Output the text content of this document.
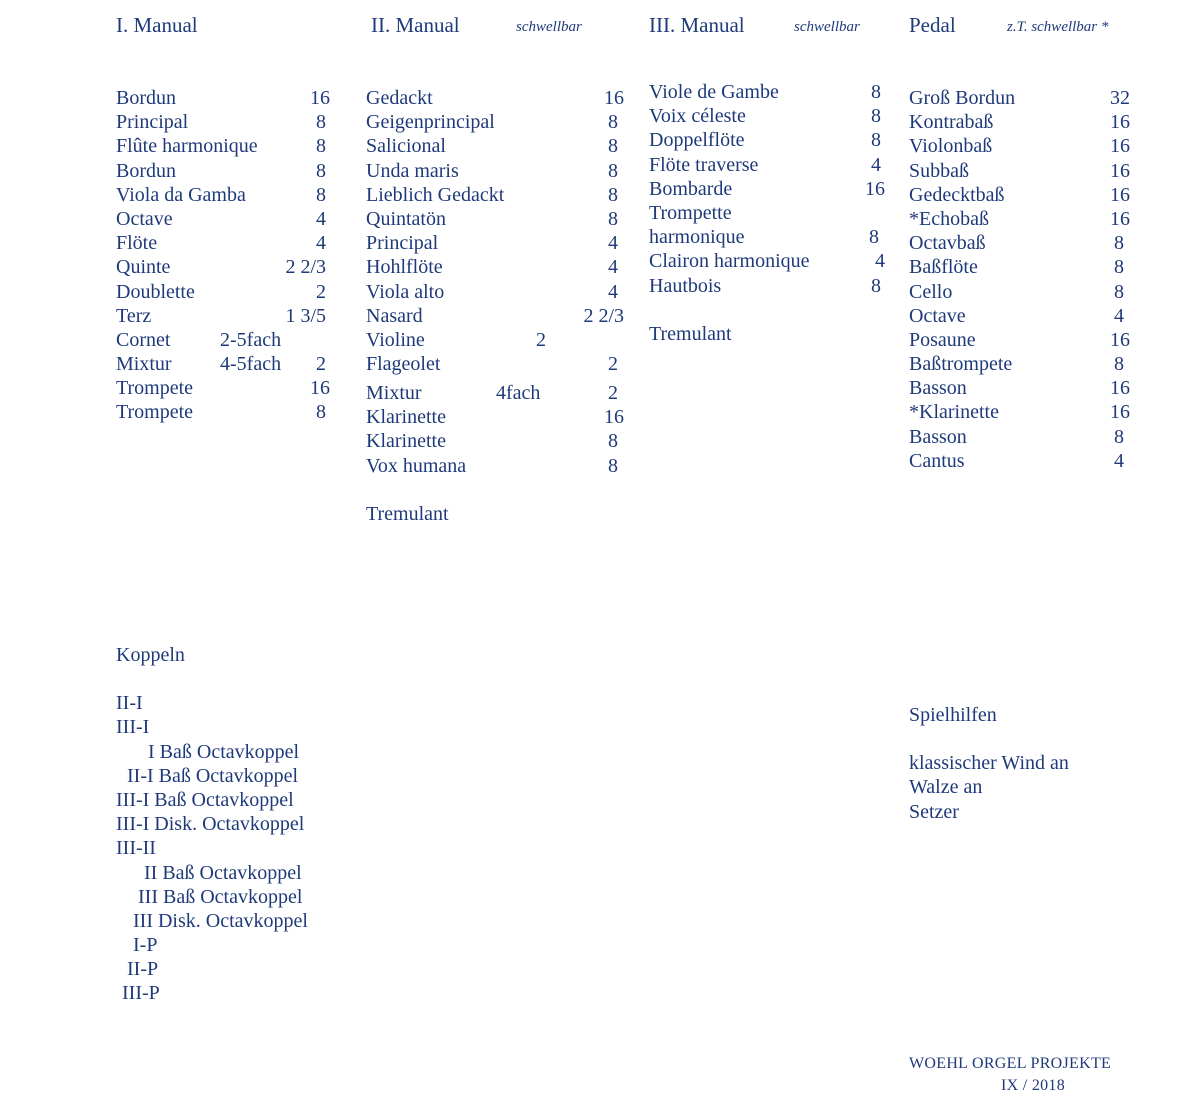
I. Manual	II. Manual	schwellbar	III. Manual	schwellbar Pedal	z.T. schwellbar *
Bordun	16
Principal	8
Flûte harmonique	8
Bordun	8
Viola da Gamba	8
Octave	4
Flöte	4
Quinte	2 2/3
Doublette	2
Terz	1 3/5
Cornet 2-5fach
Mixtur 4-5fach 2
Trompete	16
Trompete	8
Gedackt	16
Geigenprincipal	8
Salicional	8
Unda maris	8
Lieblich Gedackt	8
Quintatön	8
Principal	4
Hohlflöte	4
Viola alto	4
Nasard	2 2/3
Violine	2
Flageolet	2
Mixtur	4fach	2
Klarinette	16
Klarinette	8
Vox humana	8
Tremulant
Viole de Gambe	8
Voix céleste	8
Doppelflöte	8
Flöte traverse	4
Bombarde	16
Trompette
harmonique	8
Clairon harmonique	4
Hautbois	8
Tremulant
Groß Bordun	32
Kontrabaß	16
Violonbaß	16
Subbaß	16
Gedecktbaß	16
*Echobaß	16
Octavbaß	8
Baßflöte	8
Cello	8
Octave	4
Posaune	16
Baßtrompete	8
Basson	16
*Klarinette	16
Basson	8
Cantus	4
Koppeln
II-I
III-I
I Baß Octavkoppel
II-I Baß Octavkoppel
III-I Baß Octavkoppel
III-I Disk. Octavkoppel
III-II
II Baß Octavkoppel
III Baß Octavkoppel
III Disk. Octavkoppel
I-P
II-P
III-P
Spielhilfen
klassischer Wind an
Walze an
Setzer
WOEHL ORGEL PROJEKTE
IX / 2018
